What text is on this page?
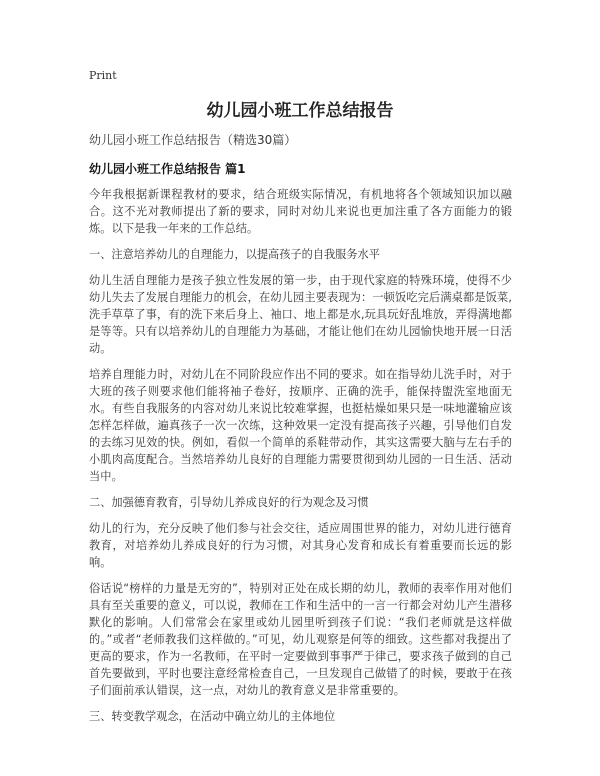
Print
幼儿园小班工作总结报告
幼儿园小班工作总结报告（精选30篇）
幼儿园小班工作总结报告 篇1

今年我根据新课程教材的要求，结合班级实际情况，有机地将各个领域知识加以融合。这不光对教师提出了新的要求，同时对幼儿来说也更加注重了各方面能力的锻炼。以下是我一年来的工作总结。

一、注意培养幼儿的自理能力，以提高孩子的自我服务水平

幼儿生活自理能力是孩子独立性发展的第一步，由于现代家庭的特殊环境，使得不少幼儿失去了发展自理能力的机会，在幼儿园主要表现为：一顿饭吃完后满桌都是饭菜,洗手草草了事，有的洗下来后身上、袖口、地上都是水,玩具玩好乱堆放，弄得满地都是等等。只有以培养幼儿的自理能力为基础，才能让他们在幼儿园愉快地开展一日活动。

培养自理能力时，对幼儿在不同阶段应作出不同的要求。如在指导幼儿洗手时，对于大班的孩子则要求他们能将袖子卷好，按顺序、正确的洗手，能保持盥洗室地面无水。有些自我服务的内容对幼儿来说比较难掌握，也挺枯燥如果只是一味地灌输应该怎样怎样做，遍真孩子一次一次练，这种效果一定没有提高孩子兴趣，引导他们自发的去练习见效的快。例如，看似一个简单的系鞋带动作，其实这需要大脑与左右手的小肌肉高度配合。当然培养幼儿良好的自理能力需要贯彻到幼儿园的一日生活、活动当中。

二、加强德育教育，引导幼儿养成良好的行为观念及习惯

幼儿的行为，充分反映了他们参与社会交往，适应周围世界的能力，对幼儿进行德育教育，对培养幼儿养成良好的行为习惯，对其身心发育和成长有着重要而长远的影响。

俗话说“榜样的力量是无穷的”，特别对正处在成长期的幼儿，教师的表率作用对他们具有至关重要的意义，可以说，教师在工作和生活中的一言一行都会对幼儿产生潜移默化的影响。人们常常会在家里或幼儿园里听到孩子们说：“我们老师就是这样做的。”或者“老师教我们这样做的。”可见，幼儿观察是何等的细致。这些都对我提出了更高的要求，作为一名教师，在平时一定要做到事事严于律己，要求孩子做到的自己首先要做到，平时也要注意经常检查自己，一旦发现自己做错了的时候，要敢于在孩子们面前承认错误，这一点，对幼儿的教育意义是非常重要的。

三、转变教学观念，在活动中确立幼儿的主体地位
